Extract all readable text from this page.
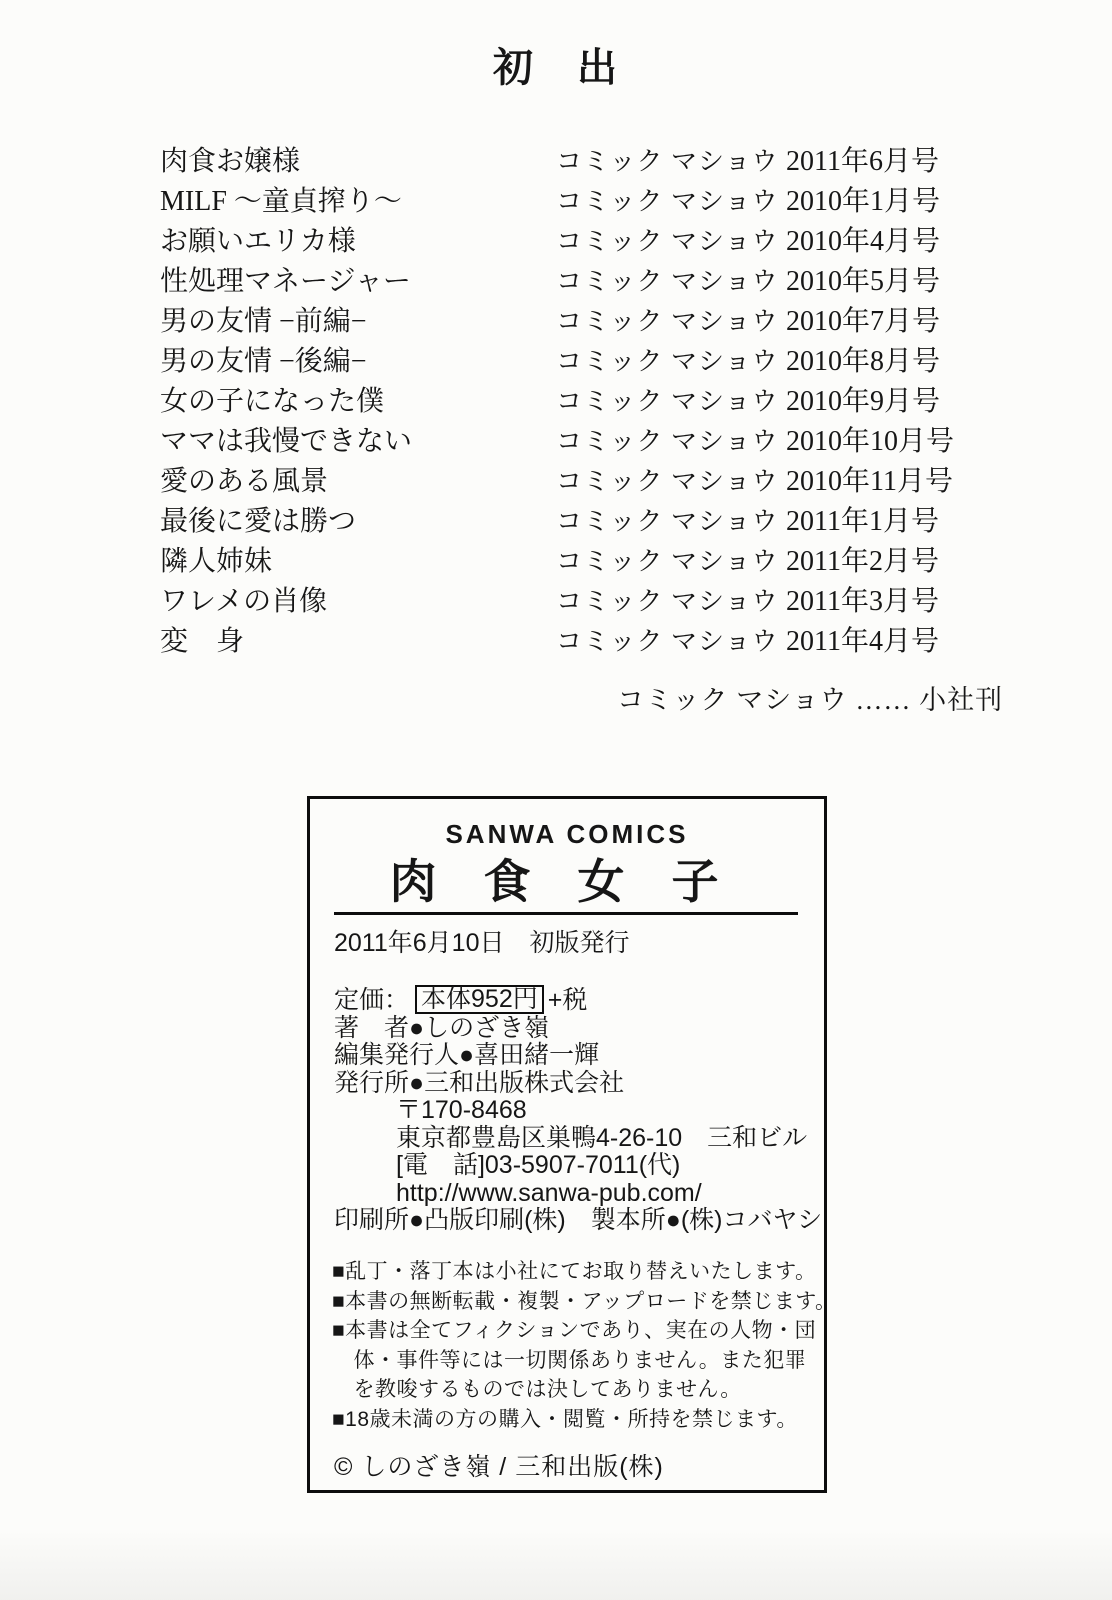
初　出
肉食お嬢様	コミック マショウ 2011年6月号
MILF ～童貞搾り～	コミック マショウ 2010年1月号
お願いエリカ様	コミック マショウ 2010年4月号
性処理マネージャー	コミック マショウ 2010年5月号
男の友情 −前編−	コミック マショウ 2010年7月号
男の友情 −後編−	コミック マショウ 2010年8月号
女の子になった僕	コミック マショウ 2010年9月号
ママは我慢できない	コミック マショウ 2010年10月号
愛のある風景	コミック マショウ 2010年11月号
最後に愛は勝つ	コミック マショウ 2011年1月号
隣人姉妹	コミック マショウ 2011年2月号
ワレメの肖像	コミック マショウ 2011年3月号
変　身	コミック マショウ 2011年4月号
コミック マショウ …… 小社刊
SANWA COMICS
肉　食　女　子
2011年6月10日　初版発行
定価： 本体952円 +税
著　者●しのざき嶺
編集発行人●喜田緒一輝
発行所●三和出版株式会社
〒170-8468
東京都豊島区巣鴨4-26-10　三和ビル
[電　話]03-5907-7011(代)
http://www.sanwa-pub.com/
印刷所●凸版印刷(株)　製本所●(株)コバヤシ
■乱丁・落丁本は小社にてお取り替えいたします。
■本書の無断転載・複製・アップロードを禁じます。
■本書は全てフィクションであり、実在の人物・団
　体・事件等には一切関係ありません。また犯罪
　を教唆するものでは決してありません。
■18歳未満の方の購入・閲覧・所持を禁じます。
© しのざき嶺 / 三和出版(株)
